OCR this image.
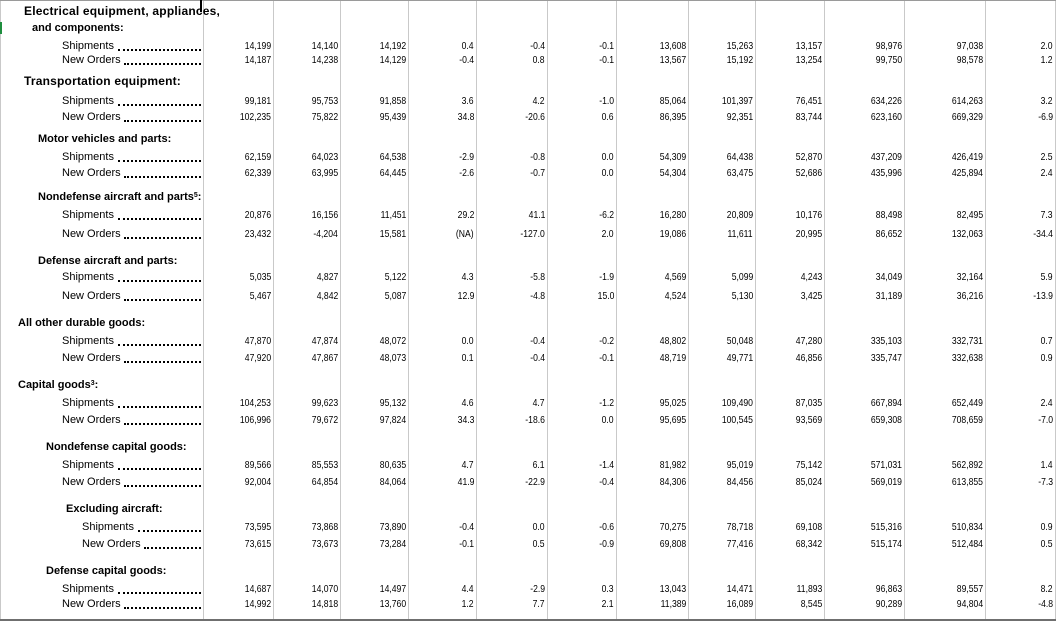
Electrical equipment, appliances,
and components:
Shipments	14,199	14,140	14,192	0.4	-0.4	-0.1	13,608	15,263	13,157	98,976	97,038	2.0
New Orders	14,187	14,238	14,129	-0.4	0.8	-0.1	13,567	15,192	13,254	99,750	98,578	1.2
Transportation equipment:
Shipments	99,181	95,753	91,858	3.6	4.2	-1.0	85,064	101,397	76,451	634,226	614,263	3.2
New Orders	102,235	75,822	95,439	34.8	-20.6	0.6	86,395	92,351	83,744	623,160	669,329	-6.9
Motor vehicles and parts:
Shipments	62,159	64,023	64,538	-2.9	-0.8	0.0	54,309	64,438	52,870	437,209	426,419	2.5
New Orders	62,339	63,995	64,445	-2.6	-0.7	0.0	54,304	63,475	52,686	435,996	425,894	2.4
Nondefense aircraft and parts$^5$:
Shipments	20,876	16,156	11,451	29.2	41.1	-6.2	16,280	20,809	10,176	88,498	82,495	7.3
New Orders	23,432	-4,204	15,581	(NA)	-127.0	2.0	19,086	11,611	20,995	86,652	132,063	-34.4
Defense aircraft and parts:
Shipments	5,035	4,827	5,122	4.3	-5.8	-1.9	4,569	5,099	4,243	34,049	32,164	5.9
New Orders	5,467	4,842	5,087	12.9	-4.8	15.0	4,524	5,130	3,425	31,189	36,216	-13.9
All other durable goods:
Shipments	47,870	47,874	48,072	0.0	-0.4	-0.2	48,802	50,048	47,280	335,103	332,731	0.7
New Orders	47,920	47,867	48,073	0.1	-0.4	-0.1	48,719	49,771	46,856	335,747	332,638	0.9
Capital goods$^3$:
Shipments	104,253	99,623	95,132	4.6	4.7	-1.2	95,025	109,490	87,035	667,894	652,449	2.4
New Orders	106,996	79,672	97,824	34.3	-18.6	0.0	95,695	100,545	93,569	659,308	708,659	-7.0
Nondefense capital goods:
Shipments	89,566	85,553	80,635	4.7	6.1	-1.4	81,982	95,019	75,142	571,031	562,892	1.4
New Orders	92,004	64,854	84,064	41.9	-22.9	-0.4	84,306	84,456	85,024	569,019	613,855	-7.3
Excluding aircraft:
Shipments	73,595	73,868	73,890	-0.4	0.0	-0.6	70,275	78,718	69,108	515,316	510,834	0.9
New Orders	73,615	73,673	73,284	-0.1	0.5	-0.9	69,808	77,416	68,342	515,174	512,484	0.5
Defense capital goods:
Shipments	14,687	14,070	14,497	4.4	-2.9	0.3	13,043	14,471	11,893	96,863	89,557	8.2
New Orders	14,992	14,818	13,760	1.2	7.7	2.1	11,389	16,089	8,545	90,289	94,804	-4.8
